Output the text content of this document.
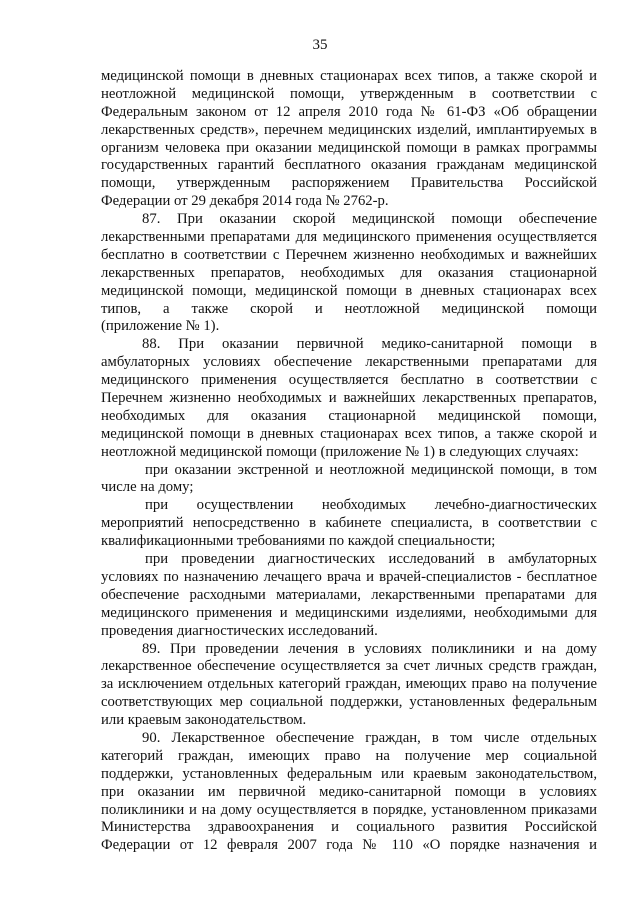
35
медицинской помощи в дневных стационарах всех типов, а также скорой и
неотложной медицинской помощи, утвержденным в соответствии с
Федеральным законом от 12 апреля 2010 года № 61-ФЗ «Об обращении
лекарственных средств», перечнем медицинских изделий, имплантируемых в
организм человека при оказании медицинской помощи в рамках программы
государственных гарантий бесплатного оказания гражданам медицинской
помощи, утвержденным распоряжением Правительства Российской
Федерации от 29 декабря 2014 года № 2762-р.
87. При оказании скорой медицинской помощи обеспечение
лекарственными препаратами для медицинского применения осуществляется
бесплатно в соответствии с Перечнем жизненно необходимых и важнейших
лекарственных препаратов, необходимых для оказания стационарной
медицинской помощи, медицинской помощи в дневных стационарах всех
типов, а также скорой и неотложной медицинской помощи
(приложение № 1).
88. При оказании первичной медико-санитарной помощи в
амбулаторных условиях обеспечение лекарственными препаратами для
медицинского применения осуществляется бесплатно в соответствии с
Перечнем жизненно необходимых и важнейших лекарственных препаратов,
необходимых для оказания стационарной медицинской помощи,
медицинской помощи в дневных стационарах всех типов, а также скорой и
неотложной медицинской помощи (приложение № 1) в следующих случаях:
при оказании экстренной и неотложной медицинской помощи, в том
числе на дому;
при осуществлении необходимых лечебно-диагностических
мероприятий непосредственно в кабинете специалиста, в соответствии с
квалификационными требованиями по каждой специальности;
при проведении диагностических исследований в амбулаторных
условиях по назначению лечащего врача и врачей-специалистов - бесплатное
обеспечение расходными материалами, лекарственными препаратами для
медицинского применения и медицинскими изделиями, необходимыми для
проведения диагностических исследований.
89. При проведении лечения в условиях поликлиники и на дому
лекарственное обеспечение осуществляется за счет личных средств граждан,
за исключением отдельных категорий граждан, имеющих право на получение
соответствующих мер социальной поддержки, установленных федеральным
или краевым законодательством.
90. Лекарственное обеспечение граждан, в том числе отдельных
категорий граждан, имеющих право на получение мер социальной
поддержки, установленных федеральным или краевым законодательством,
при оказании им первичной медико-санитарной помощи в условиях
поликлиники и на дому осуществляется в порядке, установленном приказами
Министерства здравоохранения и социального развития Российской
Федерации от 12 февраля 2007 года № 110 «О порядке назначения и
